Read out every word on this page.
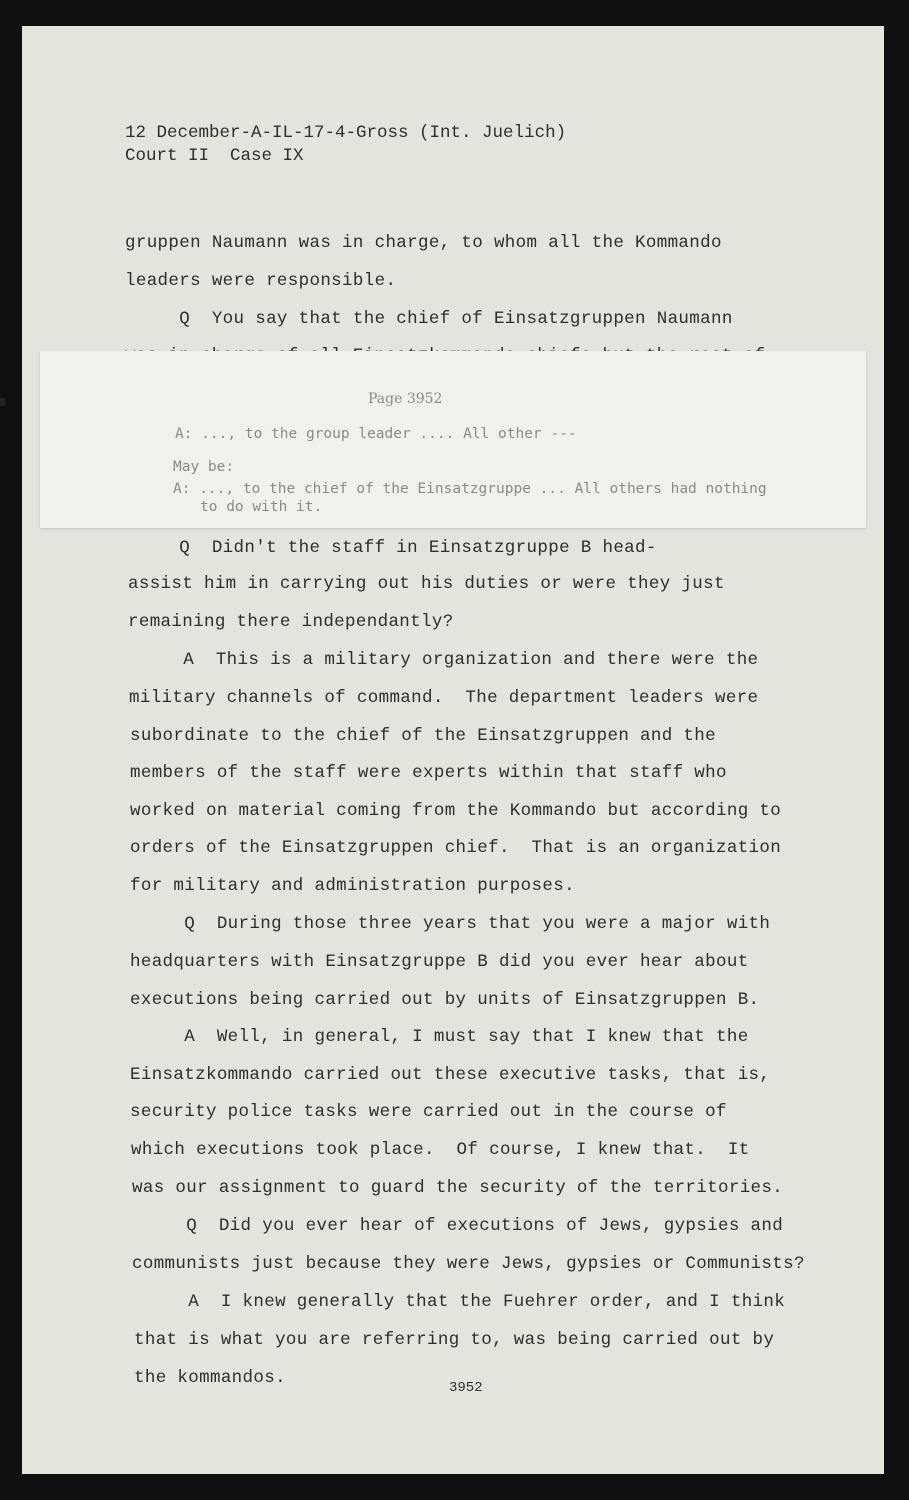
12 December-A-IL-17-4-Gross (Int. Juelich)
Court II  Case IX
gruppen Naumann was in charge, to whom all the Kommando
leaders were responsible.
Q  You say that the chief of Einsatzgruppen Naumann
Q  Didn't the staff in Einsatzgruppe B head-
assist him in carrying out his duties or were they just
remaining there independantly?
A  This is a military organization and there were the
military channels of command.  The department leaders were
subordinate to the chief of the Einsatzgruppen and the
members of the staff were experts within that staff who
worked on material coming from the Kommando but according to
orders of the Einsatzgruppen chief.  That is an organization
for military and administration purposes.
Q  During those three years that you were a major with
headquarters with Einsatzgruppe B did you ever hear about
executions being carried out by units of Einsatzgruppen B.
A  Well, in general, I must say that I knew that the
Einsatzkommando carried out these executive tasks, that is,
security police tasks were carried out in the course of
which executions took place.  Of course, I knew that.  It
was our assignment to guard the security of the territories.
Q  Did you ever hear of executions of Jews, gypsies and
communists just because they were Jews, gypsies or Communists?
A  I knew generally that the Fuehrer order, and I think
that is what you are referring to, was being carried out by
the kommandos.	3952
Page 3952
A: ..., to the group leader .... All other ---
May be:
A: ..., to the chief of the Einsatzgruppe ... All others had nothing
to do with it.
